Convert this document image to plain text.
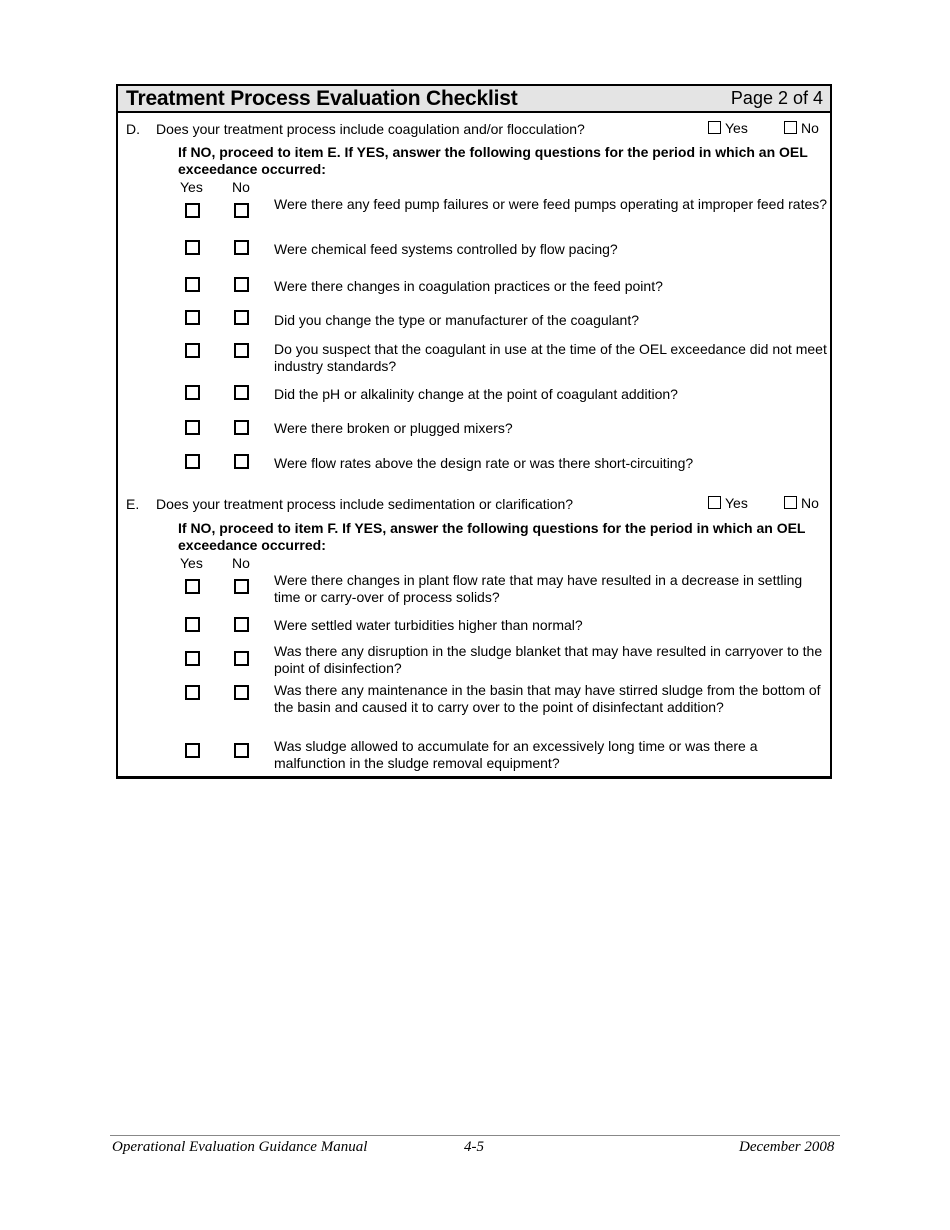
Treatment Process Evaluation Checklist	Page 2 of 4
D. Does your treatment process include coagulation and/or flocculation?	Yes	No
If NO, proceed to item E. If YES, answer the following questions for the period in which an OEL exceedance occurred:
Yes No
Were there any feed pump failures or were feed pumps operating at improper feed rates?
Were chemical feed systems controlled by flow pacing?
Were there changes in coagulation practices or the feed point?
Did you change the type or manufacturer of the coagulant?
Do you suspect that the coagulant in use at the time of the OEL exceedance did not meet industry standards?
Did the pH or alkalinity change at the point of coagulant addition?
Were there broken or plugged mixers?
Were flow rates above the design rate or was there short-circuiting?
E. Does your treatment process include sedimentation or clarification?	Yes	No
If NO, proceed to item F. If YES, answer the following questions for the period in which an OEL exceedance occurred:
Yes No
Were there changes in plant flow rate that may have resulted in a decrease in settling time or carry-over of process solids?
Were settled water turbidities higher than normal?
Was there any disruption in the sludge blanket that may have resulted in carryover to the point of disinfection?
Was there any maintenance in the basin that may have stirred sludge from the bottom of the basin and caused it to carry over to the point of disinfectant addition?
Was sludge allowed to accumulate for an excessively long time or was there a malfunction in the sludge removal equipment?
Operational Evaluation Guidance Manual	4-5	December 2008
